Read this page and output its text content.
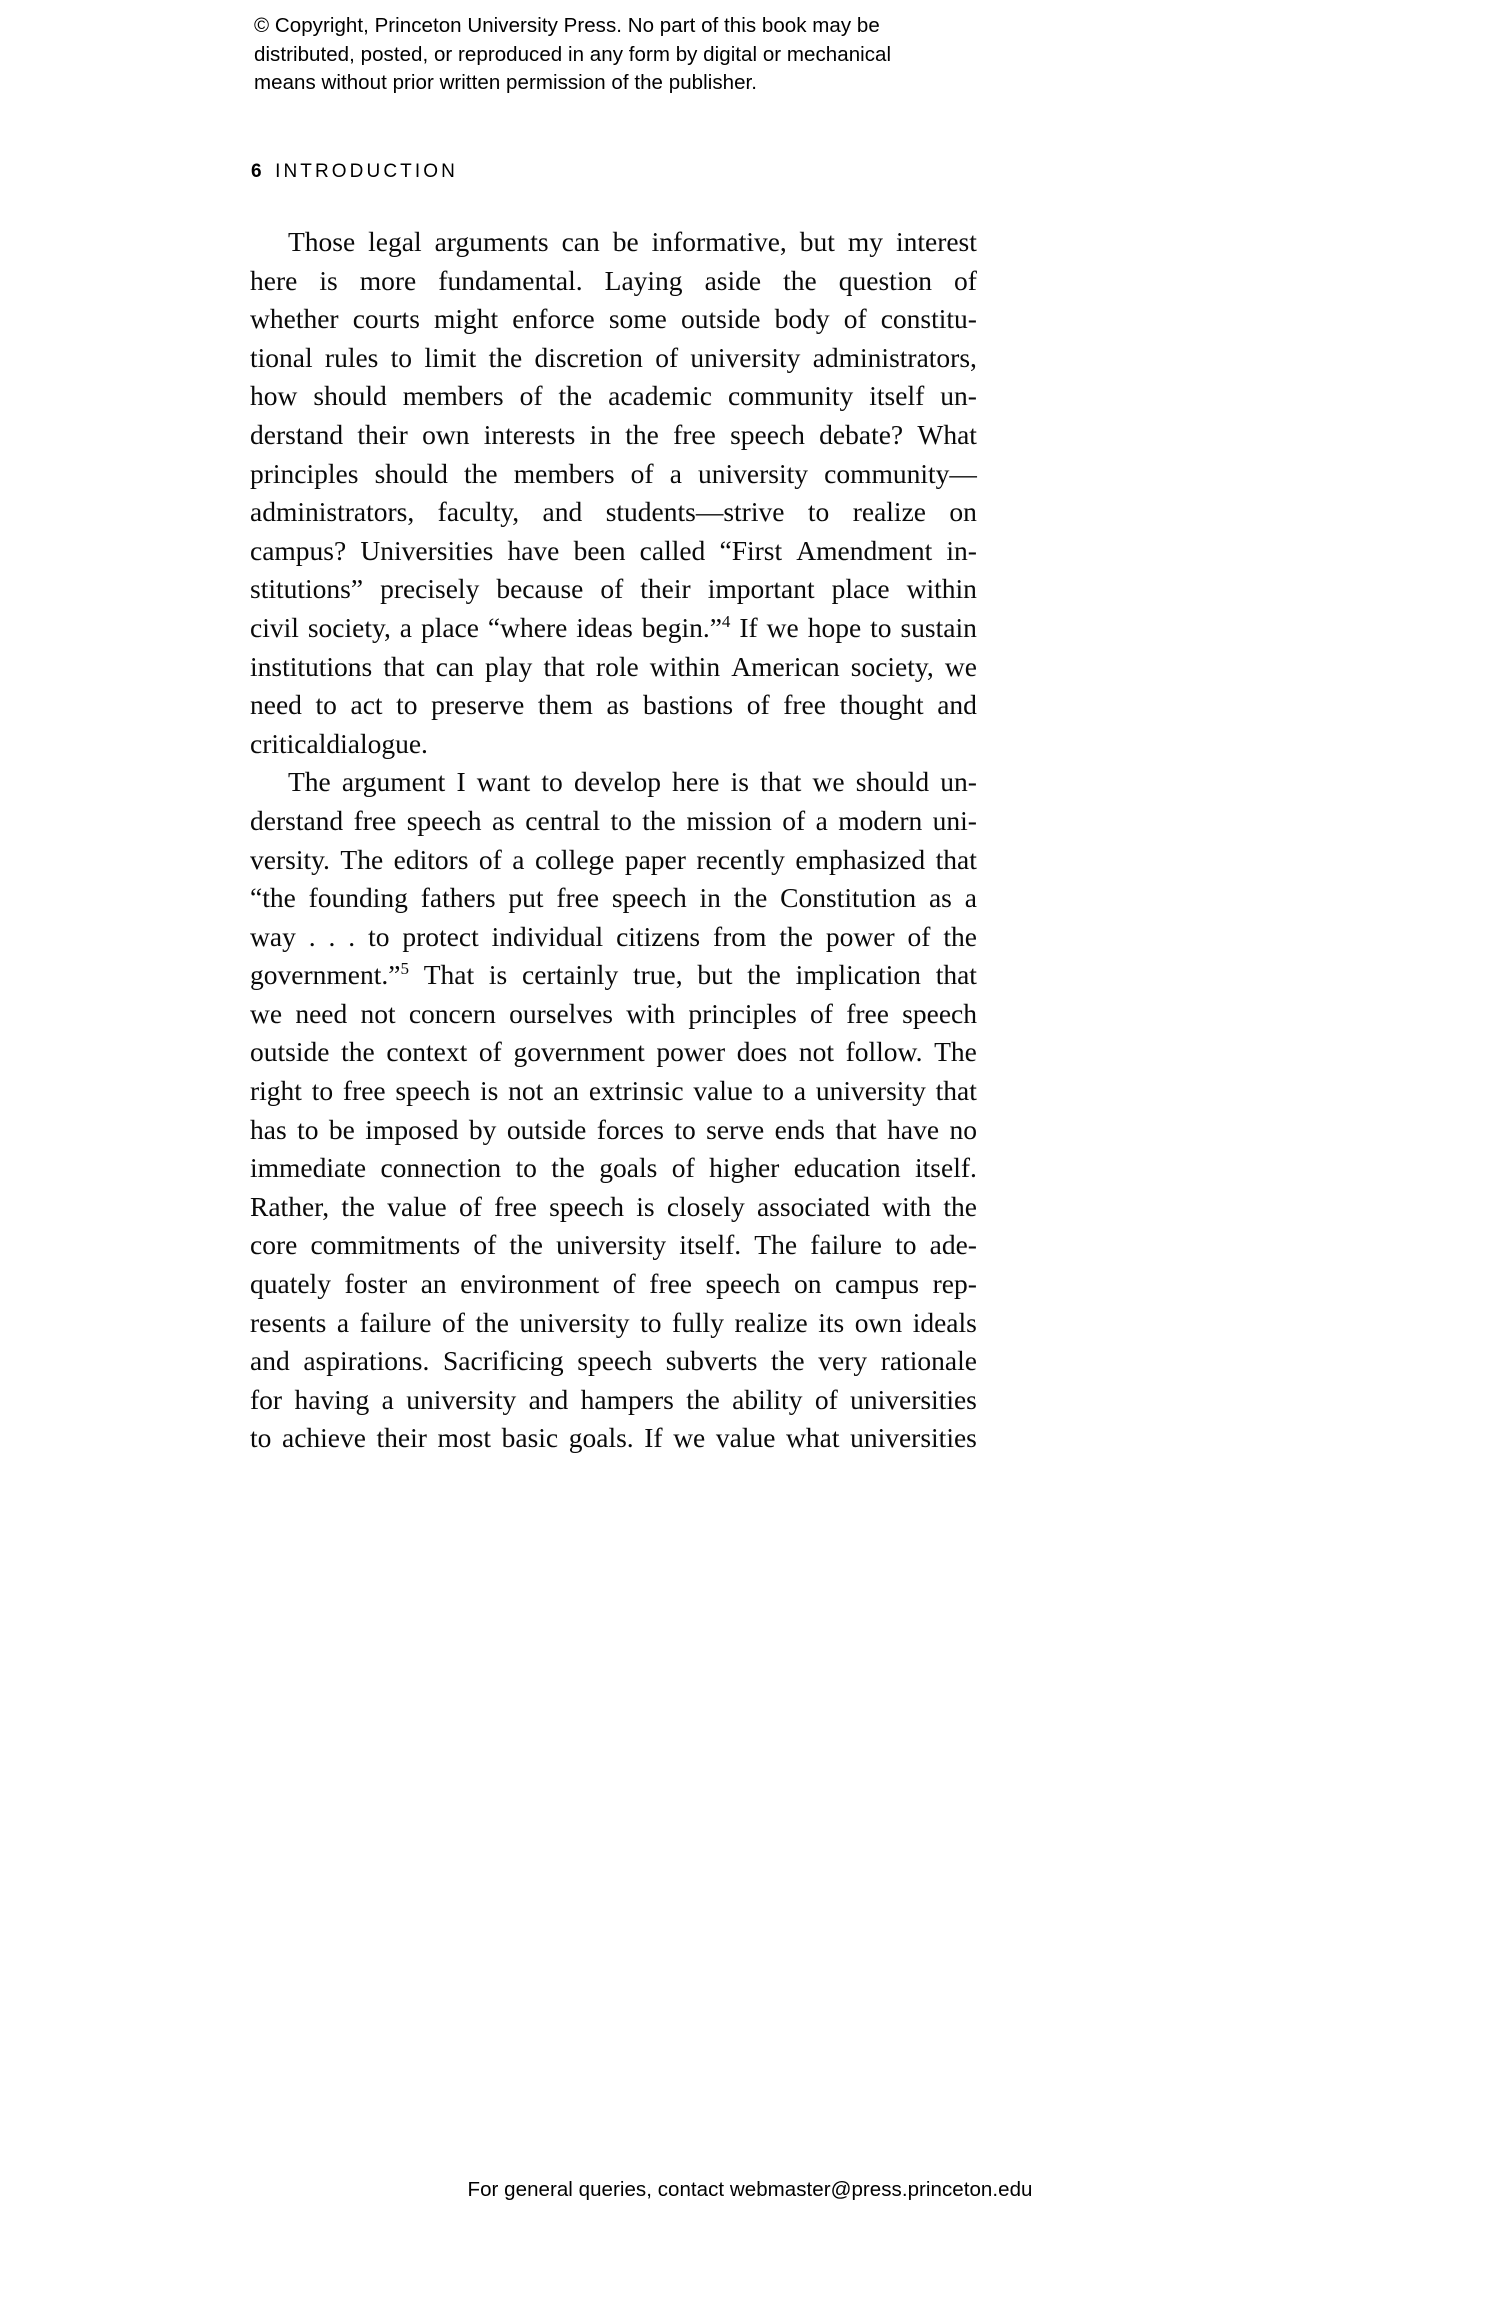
© Copyright, Princeton University Press. No part of this book may be
distributed, posted, or reproduced in any form by digital or mechanical
means without prior written permission of the publisher.
6 INTRODUCTION
Those legal arguments can be informative, but my interest
here is more fundamental. Laying aside the question of
whether courts might enforce some outside body of constitu-
tional rules to limit the discretion of university administrators,
how should members of the academic community itself un-
derstand their own interests in the free speech debate? What
principles should the members of a university community—
administrators, faculty, and students—strive to realize on
campus? Universities have been called “First Amendment in-
stitutions” precisely because of their important place within
civil society, a place “where ideas begin.”$^4$ If we hope to sustain
institutions that can play that role within American society, we
need to act to preserve them as bastions of free thought and
critical dialogue.
The argument I want to develop here is that we should un-
derstand free speech as central to the mission of a modern uni-
versity. The editors of a college paper recently emphasized that
“the founding fathers put free speech in the Constitution as a
way . . . to protect individual citizens from the power of the
government.”$^5$ That is certainly true, but the implication that
we need not concern ourselves with principles of free speech
outside the context of government power does not follow. The
right to free speech is not an extrinsic value to a university that
has to be imposed by outside forces to serve ends that have no
immediate connection to the goals of higher education itself.
Rather, the value of free speech is closely associated with the
core commitments of the university itself. The failure to ade-
quately foster an environment of free speech on campus rep-
resents a failure of the university to fully realize its own ideals
and aspirations. Sacrificing speech subverts the very rationale
for having a university and hampers the ability of universities
to achieve their most basic goals. If we value what universities
For general queries, contact webmaster@press.princeton.edu
